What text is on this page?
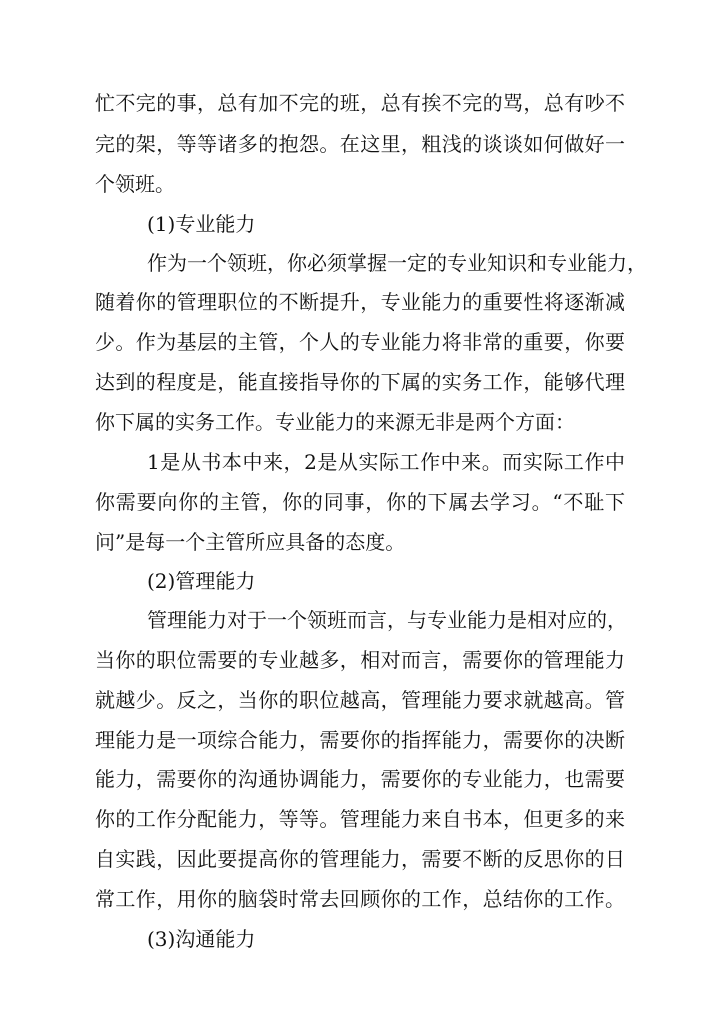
忙不完的事，总有加不完的班，总有挨不完的骂，总有吵不
完的架，等等诸多的抱怨。在这里，粗浅的谈谈如何做好一
个领班。
(1)专业能力
作为一个领班，你必须掌握一定的专业知识和专业能力，
随着你的管理职位的不断提升，专业能力的重要性将逐渐减
少。作为基层的主管，个人的专业能力将非常的重要，你要
达到的程度是，能直接指导你的下属的实务工作，能够代理
你下属的实务工作。专业能力的来源无非是两个方面：
1是从书本中来，2是从实际工作中来。而实际工作中
你需要向你的主管，你的同事，你的下属去学习。“不耻下
问”是每一个主管所应具备的态度。
(2)管理能力
管理能力对于一个领班而言，与专业能力是相对应的，
当你的职位需要的专业越多，相对而言，需要你的管理能力
就越少。反之，当你的职位越高，管理能力要求就越高。管
理能力是一项综合能力，需要你的指挥能力，需要你的决断
能力，需要你的沟通协调能力，需要你的专业能力，也需要
你的工作分配能力，等等。管理能力来自书本，但更多的来
自实践，因此要提高你的管理能力，需要不断的反思你的日
常工作，用你的脑袋时常去回顾你的工作，总结你的工作。
(3)沟通能力
